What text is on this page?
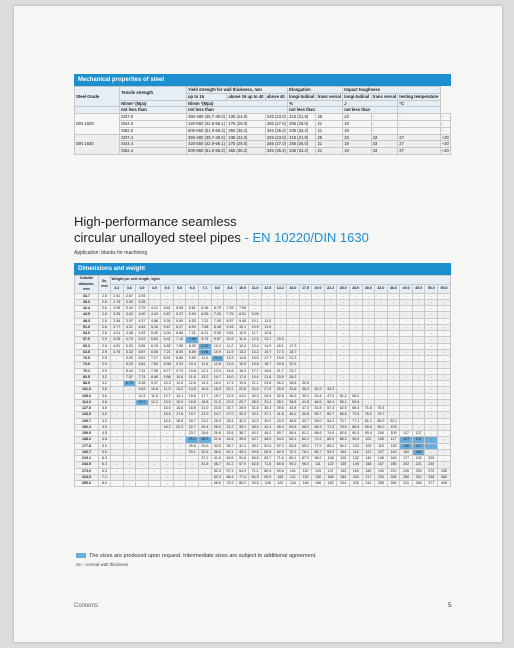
Mechanical properties of steel
Steel Grade	Tensile strength	Yield strength for wall thickness, mm			Elongation		Impact toughness			
		up to 16	above 16 up to 40	above 40	longi-tudinal	trans versal	longi-tudinal	trans versal	testing temperature	
	N/mm² (Mpa)	N/mm ²(Mpa)			%		J		°C	
	not less than	not less than			not less than		not less than			
DIN 1629	St37.0	350-480 (35.7-49.0)	235 (24.0)	225 (23.0)	215 (21.9)	25	23	-	-	-
	St44.0	420-550 (42.9-56.1)	275 (28.0)	265 (27.0)	255 (26.0)	21	19	-	-	-
	St52.0	500-650 (51.0-66.3)	355 (36.2)	345 (35.2)	335 (34.2)	21	19	-	-	-
DIN 1630	St37.4	350-480 (35.7-49.0)	235 (24.0)	225 (23.0)	215 (21.9)	25	23	43	27	+20
	St44.4	420-550 (42.9-56.1)	275 (28.0)	265 (27.0)	255 (26.0)	21	19	43	27	+20
	St52.4	500-650 (51.0-66.3)	355 (36.2)	345 (35.2)	335 (34.2)	21	19	43	27	+20
High-performance seamless
circular unalloyed steel pipes - EN 10220/DIN 1630
Application: blanks for machining
Dimensions and weight
Outside diameter, mm	Sn, mm	Weight per unit length, kg/m																										
		3.2	3.6	4.0	4.5	5.0	5.6	6.3	7.1	8.0	8.8	10.0	11.0	12.5	14.2	16.0	17.5	20.0	22.2	25.0	28.0	30.0	32.0	36.0	40.0	45.0	50.0	55.0
33.7	2.6	2.41	2.67	2.93	-	-	-	-	-	-	-	-	-	-	-	-	-	-	-	-	-	-	-	-	-	-	-	-
38.0	2.6	2.75	3.05	3.35	-	-	-	-	-	-	-	-	-	-	-	-	-	-	-	-	-	-	-	-	-	-	-	-
42.4	2.6	3.09	3.44	3.79	4.21	4.61	5.08	5.61	6.18	6.79	7.29	7.99	-	-	-	-	-	-	-	-	-	-	-	-	-	-	-	-
44.5	2.6	3.26	3.63	4.00	4.44	4.87	5.37	5.94	6.55	7.20	7.75	8.51	9.09	-	-	-	-	-	-	-	-	-	-	-	-	-	-	-
48.3	2.6	3.56	3.97	4.37	4.86	5.34	5.90	6.53	7.21	7.95	8.57	9.45	10.1	11.0	-	-	-	-	-	-	-	-	-	-	-	-	-	-
51.0	2.6	3.77	4.21	4.64	5.16	5.67	6.27	6.94	7.68	8.48	9.16	10.1	10.9	11.9	-	-	-	-	-	-	-	-	-	-	-	-	-	-
54.0	2.6	4.01	4.48	4.93	5.49	6.04	6.68	7.41	8.21	9.08	9.81	10.9	11.7	12.8	-	-	-	-	-	-	-	-	-	-	-	-	-	-
57.0	2.9	4.25	4.74	5.23	5.83	6.41	7.10	7.88	8.74	9.67	10.5	11.6	12.5	13.7	15.0	-	-	-	-	-	-	-	-	-	-	-	-	-
60.3	2.9	4.51	5.03	5.55	6.19	6.82	7.55	8.39	9.32	10.3	11.2	12.4	13.4	14.9	16.1	17.3	-	-	-	-	-	-	-	-	-	-	-	-
63.5	2.9	4.76	5.32	5.87	6.55	7.21	8.00	8.89	9.88	10.9	11.9	13.2	14.2	15.7	17.3	18.7	-	-	-	-	-	-	-	-	-	-	-	-
70.0	2.9	-	5.90	6.51	7.27	8.01	8.89	9.90	11.0	12.2	13.3	14.8	16.0	17.7	19.5	21.3	-	-	-	-	-	-	-	-	-	-	-	-
73.0	2.9	-	6.16	6.81	7.60	8.38	9.31	10.4	11.5	12.8	13.9	15.5	16.8	18.7	20.6	22.5	-	-	-	-	-	-	-	-	-	-	-	-
76.1	2.9	-	6.44	7.11	7.95	8.77	9.74	10.8	12.1	13.4	14.6	16.3	17.7	19.6	21.7	23.7	-	-	-	-	-	-	-	-	-	-	-	-
82.5	3.2	-	7.57	7.74	8.66	9.56	10.6	11.8	13.2	14.7	16.0	17.9	19.4	21.6	23.9	26.2	-	-	-	-	-	-	-	-	-	-	-	-
88.9	3.2	-	6.79	8.38	9.37	10.3	11.5	12.8	14.3	16.0	17.4	19.5	21.1	23.6	26.2	28.8	30.8	-	-	-	-	-	-	-	-	-	-	-
101.6	3.6	-	-	9.63	10.8	11.9	13.2	14.8	16.5	18.5	20.1	22.6	24.6	27.5	30.6	33.8	36.3	40.2	43.3	-	-	-	-	-	-	-	-	-
108.0	3.6	-	-	10.3	11.5	12.7	14.1	15.8	17.7	19.7	21.5	24.2	26.3	29.4	32.8	36.3	39.1	43.4	47.0	51.2	55.2	-	-	-	-	-	-	-
114.3	3.6	-	-	10.9	12.2	13.5	15.0	16.8	18.8	21.0	22.9	25.7	28.0	31.4	35.1	38.8	41.8	46.5	50.4	55.1	59.6	-	-	-	-	-	-	-
127.0	4.0	-	-	-	-	15.0	16.8	18.8	21.0	23.5	25.7	28.9	31.5	35.3	39.5	43.8	47.3	52.8	57.4	62.9	68.4	71.8	75.4	-	-	-	-	-
133.0	4.0	-	-	-	-	15.8	17.6	19.7	22.0	24.7	27.0	30.3	33.1	37.1	41.6	46.2	49.8	55.7	60.7	66.6	72.5	76.2	79.7	-	-	-	-	-
139.7	4.0	-	-	-	-	16.6	18.5	20.7	23.2	26.0	28.4	32.0	34.9	39.2	43.9	48.8	52.7	59.0	64.3	70.7	77.1	81.2	85.0	92.1	-	-	-	-
152.4	4.5	-	-	-	-	18.2	20.3	22.7	25.4	28.5	31.2	35.1	38.4	43.1	48.4	53.8	58.2	65.3	71.3	78.5	85.9	90.6	95.0	103	-	-	-	-
159.0	4.5	-	-	-	-	-	-	23.7	26.6	29.8	32.6	36.7	40.1	45.2	50.7	56.4	61.1	68.6	74.9	82.6	90.5	95.4	100	109	117	127	-	-
168.3	4.5	-	-	-	-	-	-	25.2	28.2	31.6	34.6	39.0	42.7	48.0	54.0	60.1	65.1	73.2	80.0	88.3	96.9	102	108	117	127	137	-	-
177.8	5.0	-	-	-	-	-	-	26.6	29.9	33.5	36.7	41.4	45.2	51.0	57.3	63.8	69.2	77.9	85.2	94.2	103	109	115	126	136	147	-	-
193.7	5.6	-	-	-	-	-	-	29.1	32.5	36.6	40.1	45.3	49.6	55.9	62.9	70.1	76.1	85.7	93.9	104	114	121	127	140	152	165	-	-
219.1	6.3	-	-	-	-	-	-	-	37.1	41.6	45.6	51.6	56.5	63.7	71.8	80.1	87.0	98.2	108	120	132	140	148	163	177	195	209	-
244.5	6.3	-	-	-	-	-	-	-	41.6	46.7	51.2	57.9	63.5	71.6	80.8	90.2	98.0	111	122	135	149	158	167	185	202	221	240	-
273.0	6.3	-	-	-	-	-	-	-	-	52.3	57.3	64.9	71.1	80.3	90.6	101	110	125	137	153	169	180	190	210	230	253	275	296
323.9	7.1	-	-	-	-	-	-	-	-	62.4	68.4	77.4	84.9	96.0	108	121	132	150	165	184	204	217	230	256	280	310	338	365
355.6	8.0	-	-	-	-	-	-	-	-	68.6	75.3	85.2	93.5	106	120	134	146	166	183	204	226	241	255	284	311	345	377	408
The sizes are produced upon request. Intermediate sizes are subject to additional agreement.
Sn - normal wall thickness
Contents	5
